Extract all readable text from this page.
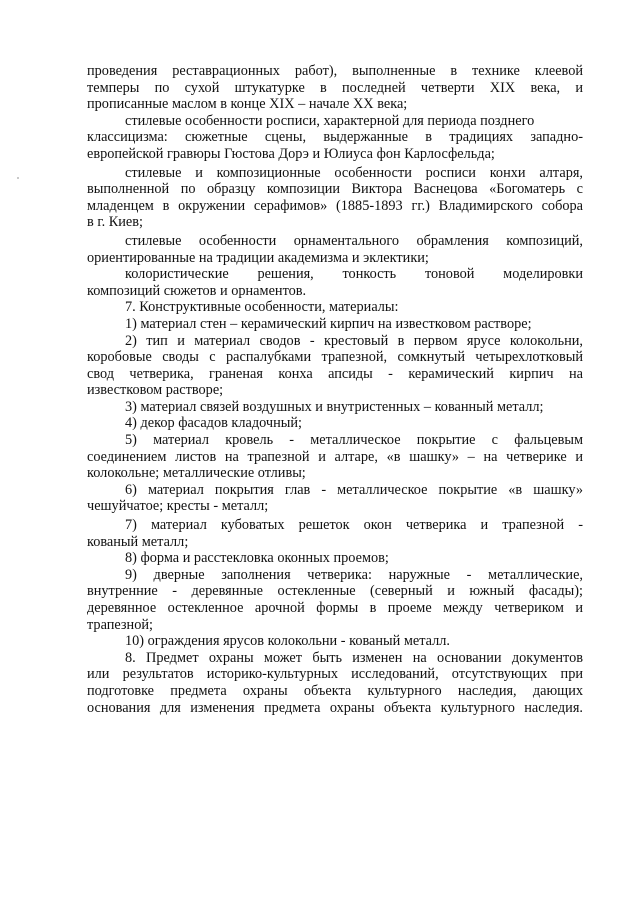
проведения реставрационных работ), выполненные в технике клеевой
темперы по сухой штукатурке в последней четверти XIX века, и
прописанные маслом в конце XIX – начале XX века;
стилевые особенности росписи, характерной для периода позднего
классицизма: сюжетные сцены, выдержанные в традициях западно-
европейской гравюры Гюстова Дорэ и Юлиуса фон Карлосфельда;
стилевые и композиционные особенности росписи конхи алтаря,
выполненной по образцу композиции Виктора Васнецова «Богоматерь с
младенцем в окружении серафимов» (1885-1893 гг.) Владимирского собора
в г. Киев;
стилевые особенности орнаментального обрамления композиций,
ориентированные на традиции академизма и эклектики;
колористические решения, тонкость тоновой моделировки
композиций сюжетов и орнаментов.
7. Конструктивные особенности, материалы:
1) материал стен – керамический кирпич на известковом растворе;
2) тип и материал сводов - крестовый в первом ярусе колокольни,
коробовые своды с распалубками трапезной, сомкнутый четырехлотковый
свод четверика, граненая конха апсиды - керамический кирпич на
известковом растворе;
3) материал связей воздушных и внутристенных – кованный металл;
4) декор фасадов кладочный;
5) материал кровель - металлическое покрытие с фальцевым
соединением листов на трапезной и алтаре, «в шашку» – на четверике и
колокольне; металлические отливы;
6) материал покрытия глав - металлическое покрытие «в шашку»
чешуйчатое; кресты - металл;
7) материал кубоватых решеток окон четверика и трапезной -
кованый металл;
8) форма и расстекловка оконных проемов;
9) дверные заполнения четверика: наружные - металлические,
внутренние - деревянные остекленные (северный и южный фасады);
деревянное остекленное арочной формы в проеме между четвериком и
трапезной;
10) ограждения ярусов колокольни - кованый металл.
8. Предмет охраны может быть изменен на основании документов
или результатов историко-культурных исследований, отсутствующих при
подготовке предмета охраны объекта культурного наследия, дающих
основания для изменения предмета охраны объекта культурного наследия.
